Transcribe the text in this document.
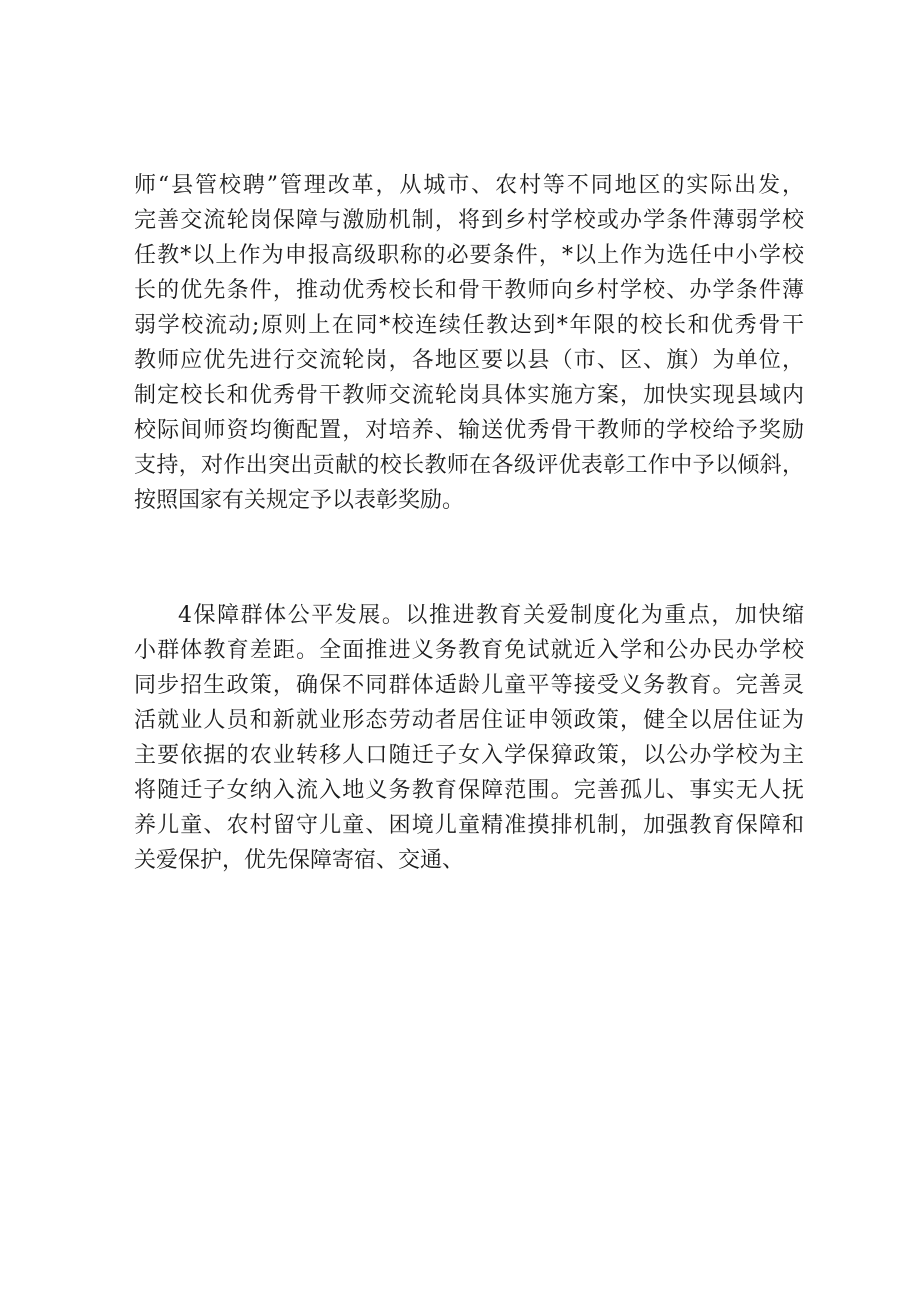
师“县管校聘”管理改革，从城市、农村等不同地区的实际出发，
完善交流轮岗保障与激励机制，将到乡村学校或办学条件薄弱学校
任教*以上作为申报高级职称的必要条件，*以上作为选任中小学校
长的优先条件，推动优秀校长和骨干教师向乡村学校、办学条件薄
弱学校流动;原则上在同*校连续任教达到*年限的校长和优秀骨干
教师应优先进行交流轮岗，各地区要以县（市、区、旗）为单位，
制定校长和优秀骨干教师交流轮岗具体实施方案，加快实现县域内
校际间师资均衡配置，对培养、输送优秀骨干教师的学校给予奖励
支持，对作出突出贡献的校长教师在各级评优表彰工作中予以倾斜，
按照国家有关规定予以表彰奖励。
4保障群体公平发展。以推进教育关爱制度化为重点，加快缩
小群体教育差距。全面推进义务教育免试就近入学和公办民办学校
同步招生政策，确保不同群体适龄儿童平等接受义务教育。完善灵
活就业人员和新就业形态劳动者居住证申领政策，健全以居住证为
主要依据的农业转移人口随迁子女入学保獐政策，以公办学校为主
将随迁子女纳入流入地义务教育保障范围。完善孤儿、事实无人抚
养儿童、农村留守儿童、困境儿童精准摸排机制，加强教育保障和
关爱保护，优先保障寄宿、交通、
